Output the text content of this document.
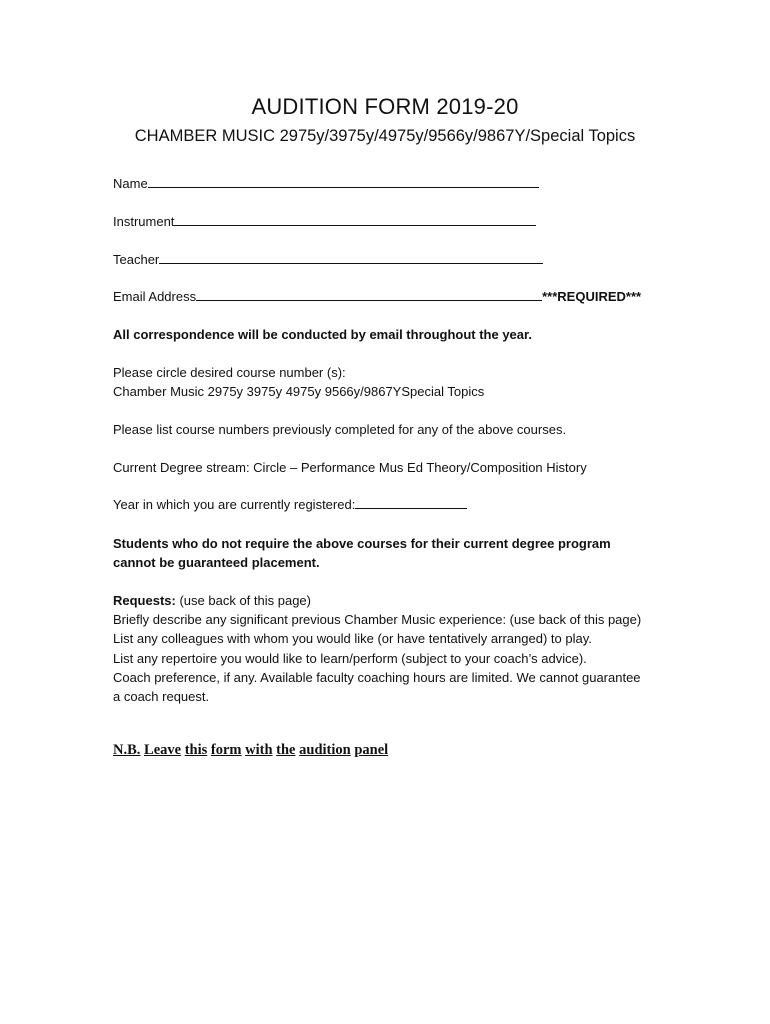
AUDITION FORM 2019-20
CHAMBER MUSIC 2975y/3975y/4975y/9566y/9867Y/Special Topics
Name
Instrument
Teacher
Email Address	***REQUIRED***
All correspondence will be conducted by email throughout the year.
Please circle desired course number (s):
Chamber Music 2975y 3975y 4975y 9566y/9867YSpecial Topics
Please list course numbers previously completed for any of the above courses.
Current Degree stream: Circle – Performance Mus Ed Theory/Composition History
Year in which you are currently registered:
Students who do not require the above courses for their current degree program cannot be guaranteed placement.
Requests: (use back of this page)
Briefly describe any significant previous Chamber Music experience: (use back of this page)
List any colleagues with whom you would like (or have tentatively arranged) to play.
List any repertoire you would like to learn/perform (subject to your coach’s advice).
Coach preference, if any. Available faculty coaching hours are limited. We cannot guarantee a coach request.
N.B. Leave this form with the audition panel
